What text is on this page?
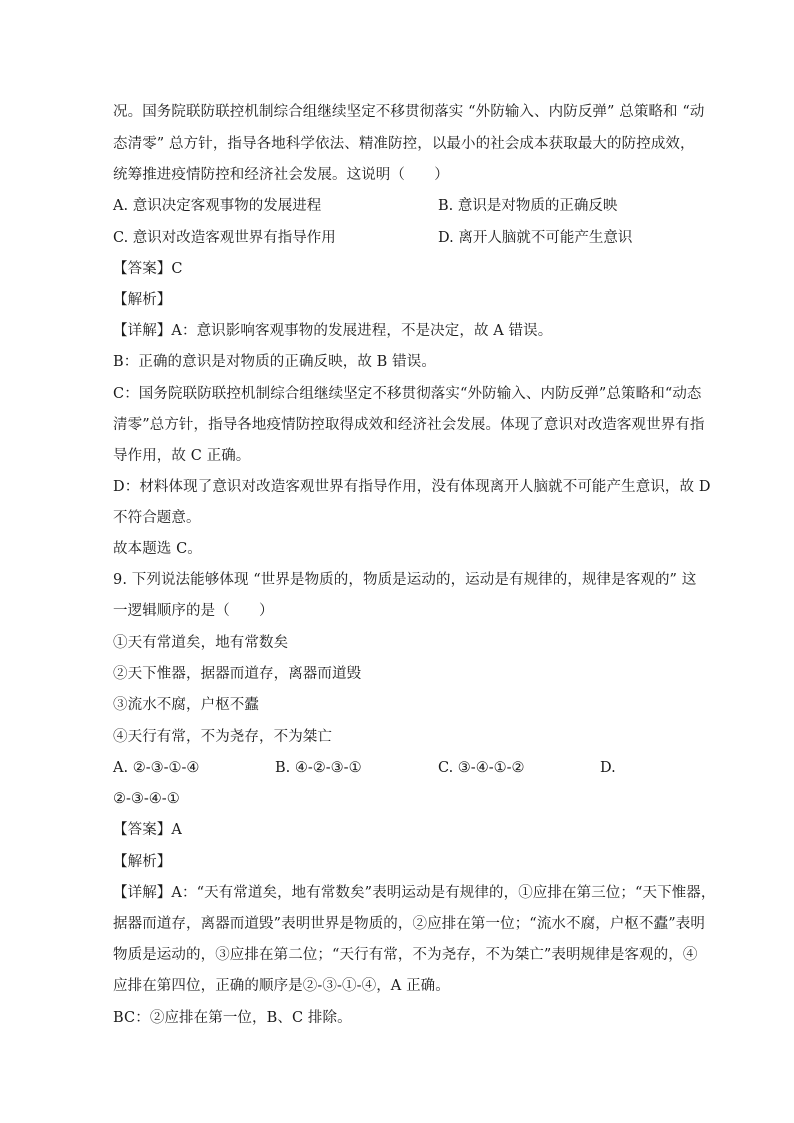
况。国务院联防联控机制综合组继续坚定不移贯彻落实 “外防输入、内防反弹” 总策略和 “动
态清零” 总方针，指导各地科学依法、精准防控，以最小的社会成本获取最大的防控成效，
统筹推进疫情防控和经济社会发展。这说明（　　）
A. 意识决定客观事物的发展进程	B. 意识是对物质的正确反映
C. 意识对改造客观世界有指导作用	D. 离开人脑就不可能产生意识
【答案】C
【解析】
【详解】A：意识影响客观事物的发展进程，不是决定，故 A 错误。
B：正确的意识是对物质的正确反映，故 B 错误。
C：国务院联防联控机制综合组继续坚定不移贯彻落实“外防输入、内防反弹”总策略和“动态
清零”总方针，指导各地疫情防控取得成效和经济社会发展。体现了意识对改造客观世界有指
导作用，故 C 正确。
D：材料体现了意识对改造客观世界有指导作用，没有体现离开人脑就不可能产生意识，故 D
不符合题意。
故本题选 C。
9. 下列说法能够体现 “世界是物质的，物质是运动的，运动是有规律的，规律是客观的” 这
一逻辑顺序的是（　　）
①天有常道矣，地有常数矣
②天下惟器，据器而道存，离器而道毁
③流水不腐，户枢不蠹
④天行有常，不为尧存，不为桀亡
A. ②-③-①-④	B. ④-②-③-①	C. ③-④-①-②	D.
②-③-④-①
【答案】A
【解析】
【详解】A：“天有常道矣，地有常数矣”表明运动是有规律的，①应排在第三位；“天下惟器，
据器而道存，离器而道毁”表明世界是物质的，②应排在第一位；“流水不腐，户枢不蠹”表明
物质是运动的，③应排在第二位；“天行有常，不为尧存，不为桀亡”表明规律是客观的，④
应排在第四位，正确的顺序是②-③-①-④，A 正确。
BC：②应排在第一位，B、C 排除。
